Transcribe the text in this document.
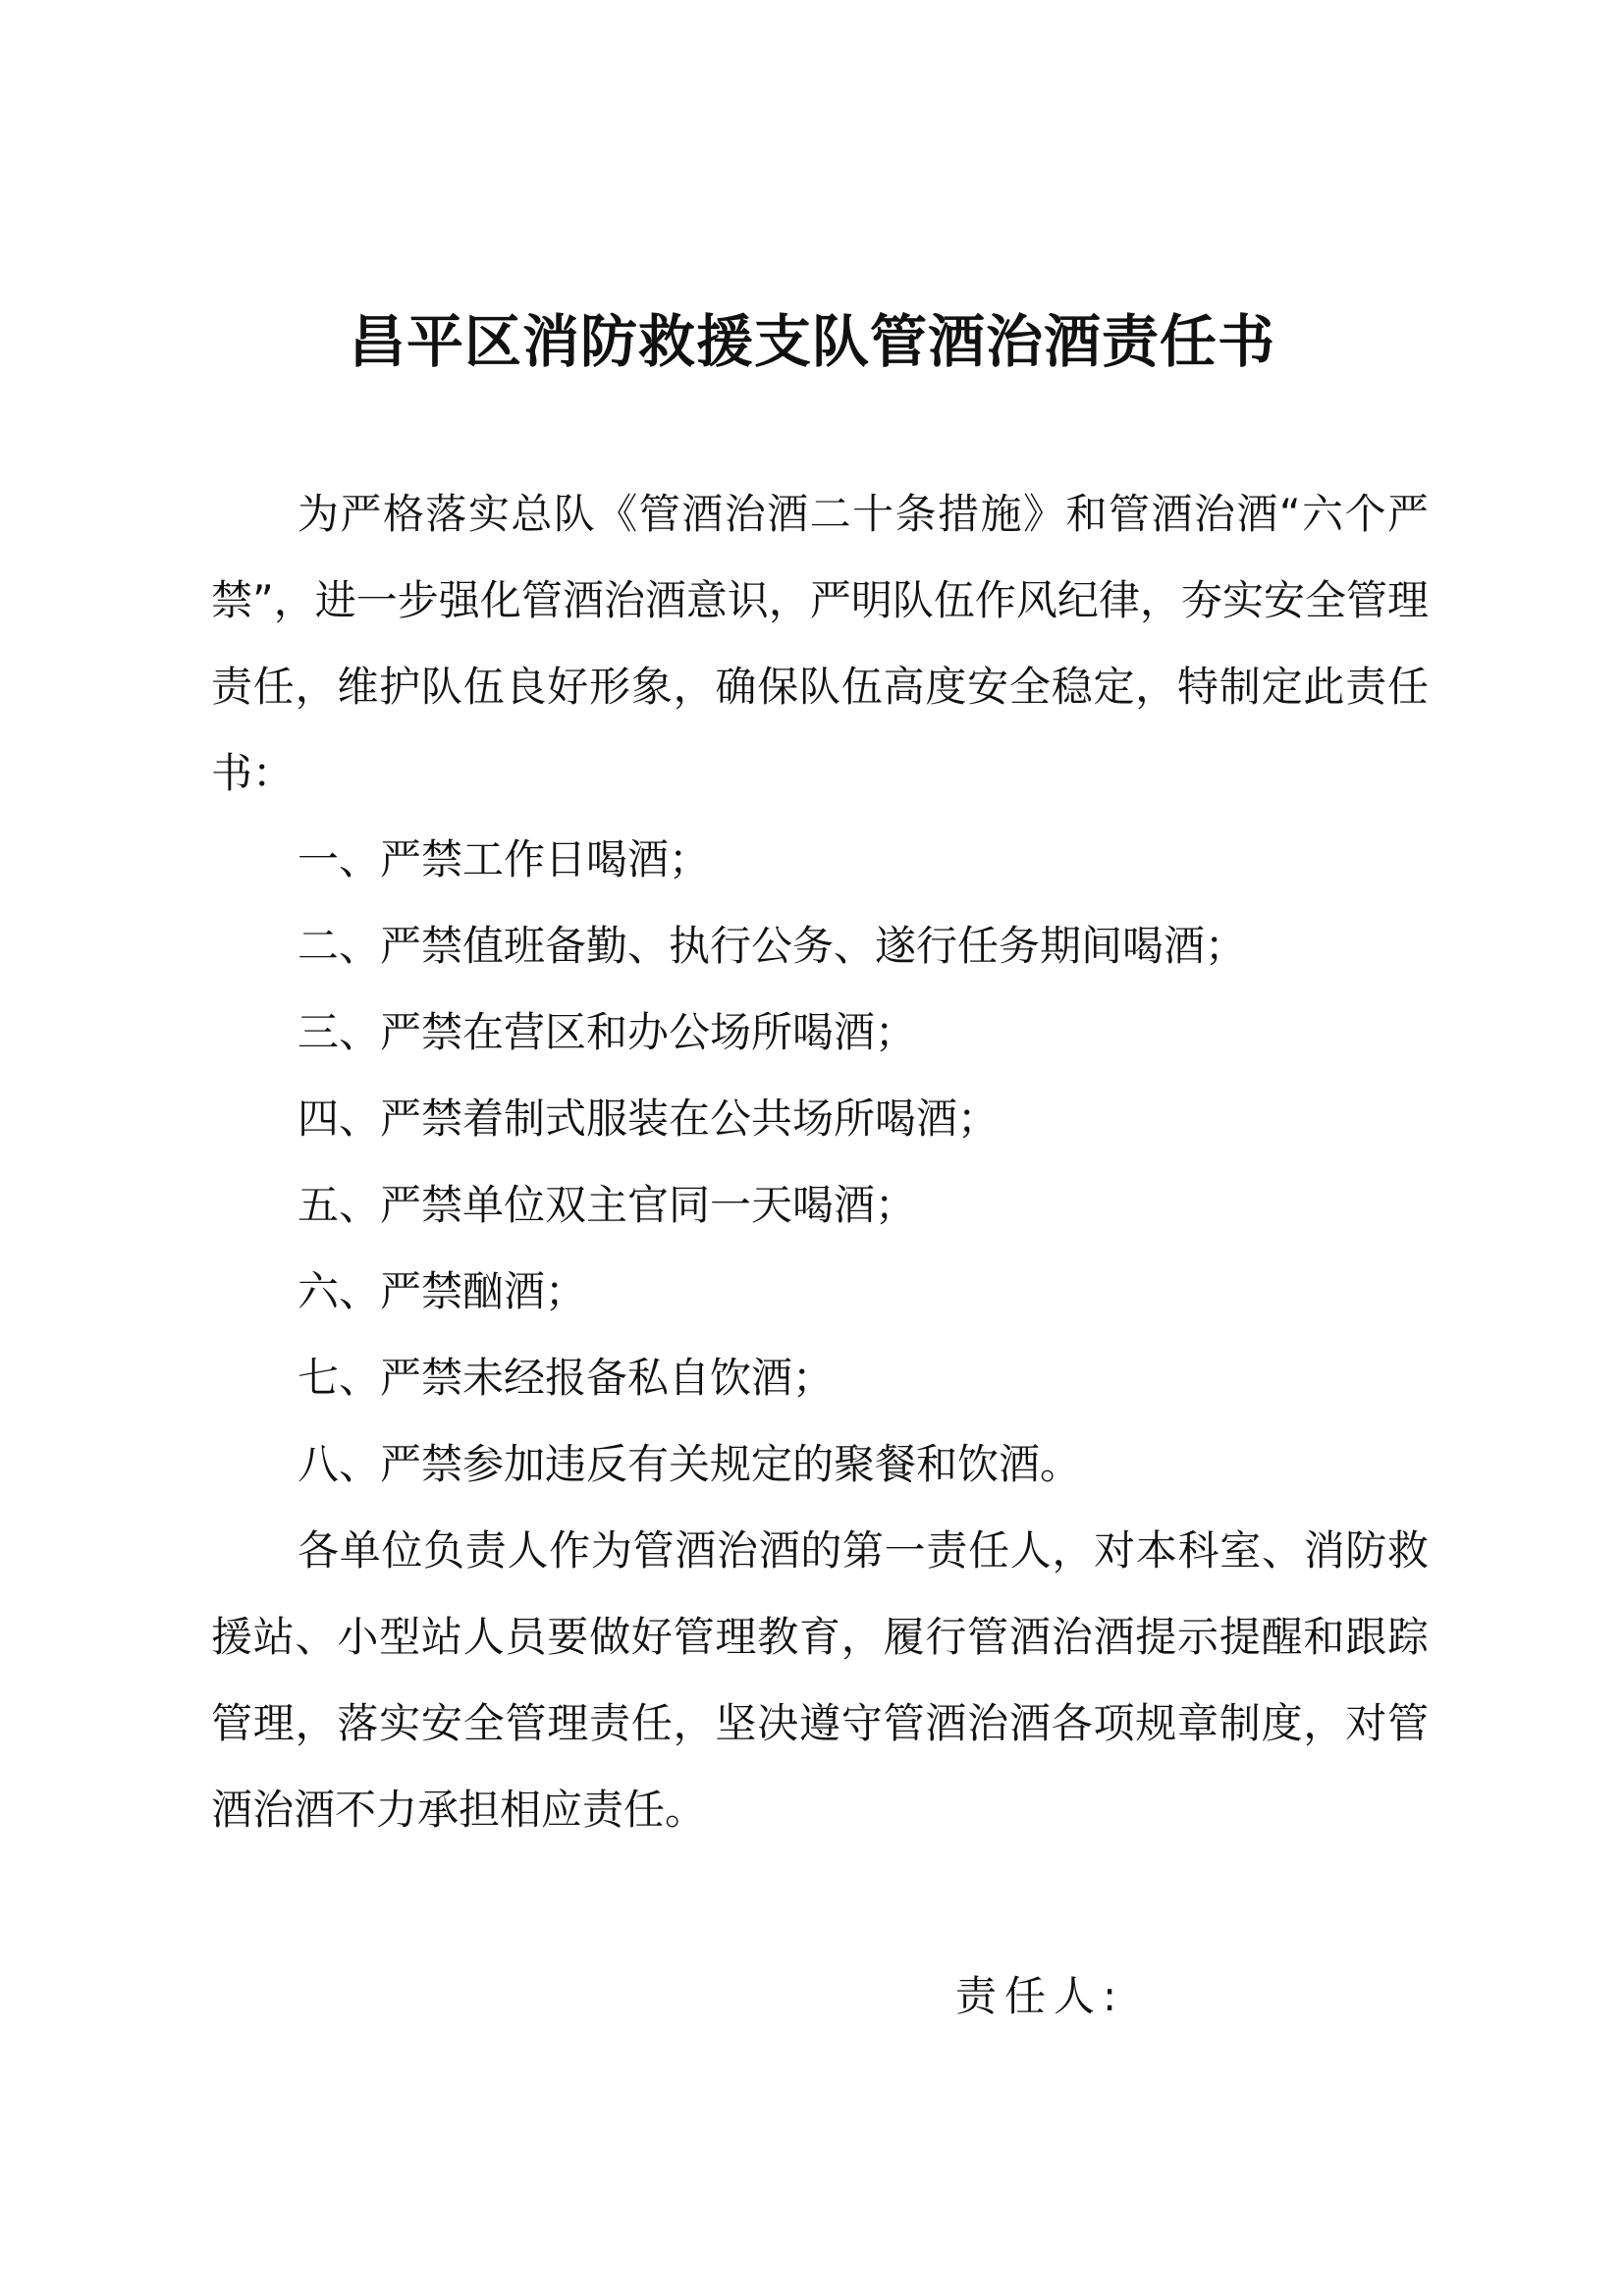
昌平区消防救援支队管酒治酒责任书

为严格落实总队《管酒治酒二十条措施》和管酒治酒“六个严禁”，进一步强化管酒治酒意识，严明队伍作风纪律，夯实安全管理责任，维护队伍良好形象，确保队伍高度安全稳定，特制定此责任书：

一、严禁工作日喝酒；

二、严禁值班备勤、执行公务、遂行任务期间喝酒；

三、严禁在营区和办公场所喝酒；

四、严禁着制式服装在公共场所喝酒；

五、严禁单位双主官同一天喝酒；

六、严禁酗酒；

七、严禁未经报备私自饮酒；

八、严禁参加违反有关规定的聚餐和饮酒。

各单位负责人作为管酒治酒的第一责任人，对本科室、消防救援站、小型站人员要做好管理教育，履行管酒治酒提示提醒和跟踪管理，落实安全管理责任，坚决遵守管酒治酒各项规章制度，对管酒治酒不力承担相应责任。

责任人:
